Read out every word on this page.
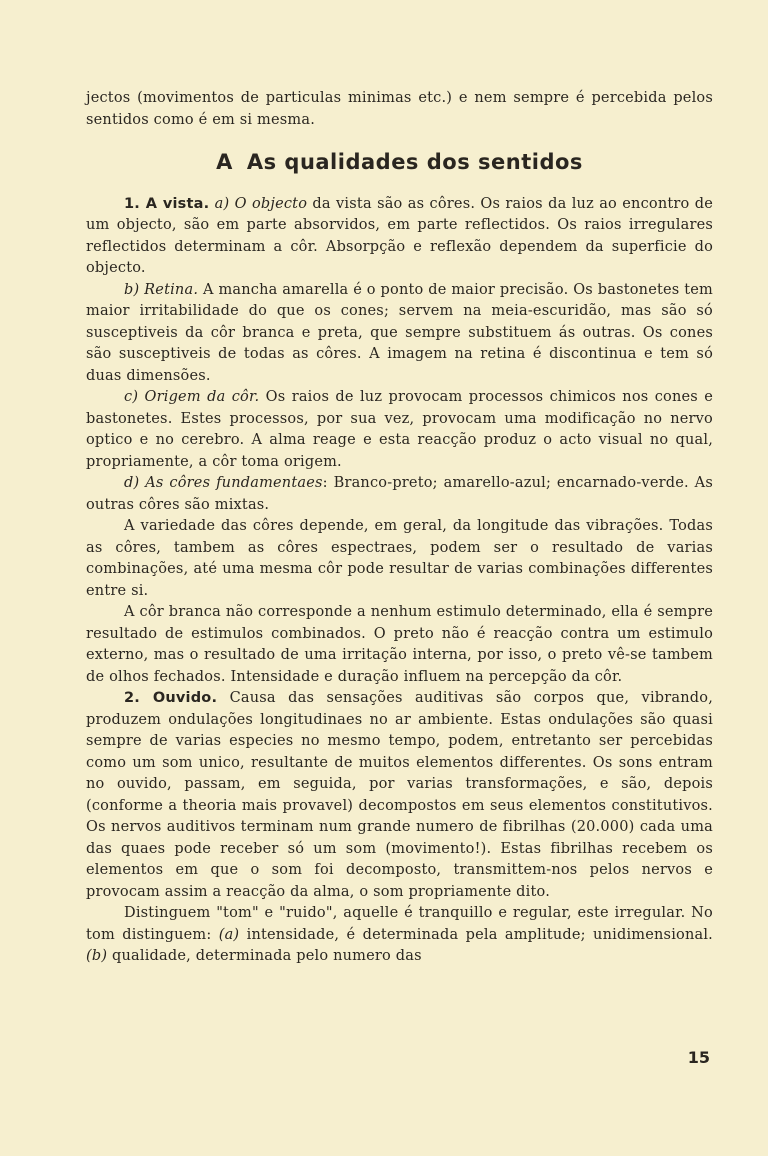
jectos (movimentos de particulas minimas etc.) e nem sempre é percebida pelos sentidos como é em si mesma.

A As qualidades dos sentidos

1. A vista. a) O objecto da vista são as côres. Os raios da luz ao encontro de um objecto, são em parte absorvidos, em parte reflectidos. Os raios irregulares reflectidos determinam a côr. Absorpção e reflexão dependem da superficie do objecto.

b) Retina. A mancha amarella é o ponto de maior precisão. Os bastonetes tem maior irritabilidade do que os cones; servem na meia-escuridão, mas são só susceptiveis da côr branca e preta, que sempre substituem ás outras. Os cones são susceptiveis de todas as côres. A imagem na retina é discontinua e tem só duas dimensões.

c) Origem da côr. Os raios de luz provocam processos chimicos nos cones e bastonetes. Estes processos, por sua vez, provocam uma modificação no nervo optico e no cerebro. A alma reage e esta reacção produz o acto visual no qual, propriamente, a côr toma origem.

d) As côres fundamentaes: Branco-preto; amarello-azul; encarnado-verde. As outras côres são mixtas.

A variedade das côres depende, em geral, da longitude das vibrações. Todas as côres, tambem as côres espectraes, podem ser o resultado de varias combinações, até uma mesma côr pode resultar de varias combinações differentes entre si.

A côr branca não corresponde a nenhum estimulo determinado, ella é sempre resultado de estimulos combinados. O preto não é reacção contra um estimulo externo, mas o resultado de uma irritação interna, por isso, o preto vê-se tambem de olhos fechados. Intensidade e duração influem na percepção da côr.

2. Ouvido. Causa das sensações auditivas são corpos que, vibrando, produzem ondulações longitudinaes no ar ambiente. Estas ondulações são quasi sempre de varias especies no mesmo tempo, podem, entretanto ser percebidas como um som unico, resultante de muitos elementos differentes. Os sons entram no ouvido, passam, em seguida, por varias transformações, e são, depois (conforme a theoria mais provavel) decompostos em seus elementos constitutivos. Os nervos auditivos terminam num grande numero de fibrilhas (20.000) cada uma das quaes pode receber só um som (movimento!). Estas fibrilhas recebem os elementos em que o som foi decomposto, transmittem-nos pelos nervos e provocam assim a reacção da alma, o som propriamente dito.

Distinguem "tom" e "ruido", aquelle é tranquillo e regular, este irregular. No tom distinguem: (a) intensidade, é determinada pela amplitude; unidimensional. (b) qualidade, determinada pelo numero das

15
